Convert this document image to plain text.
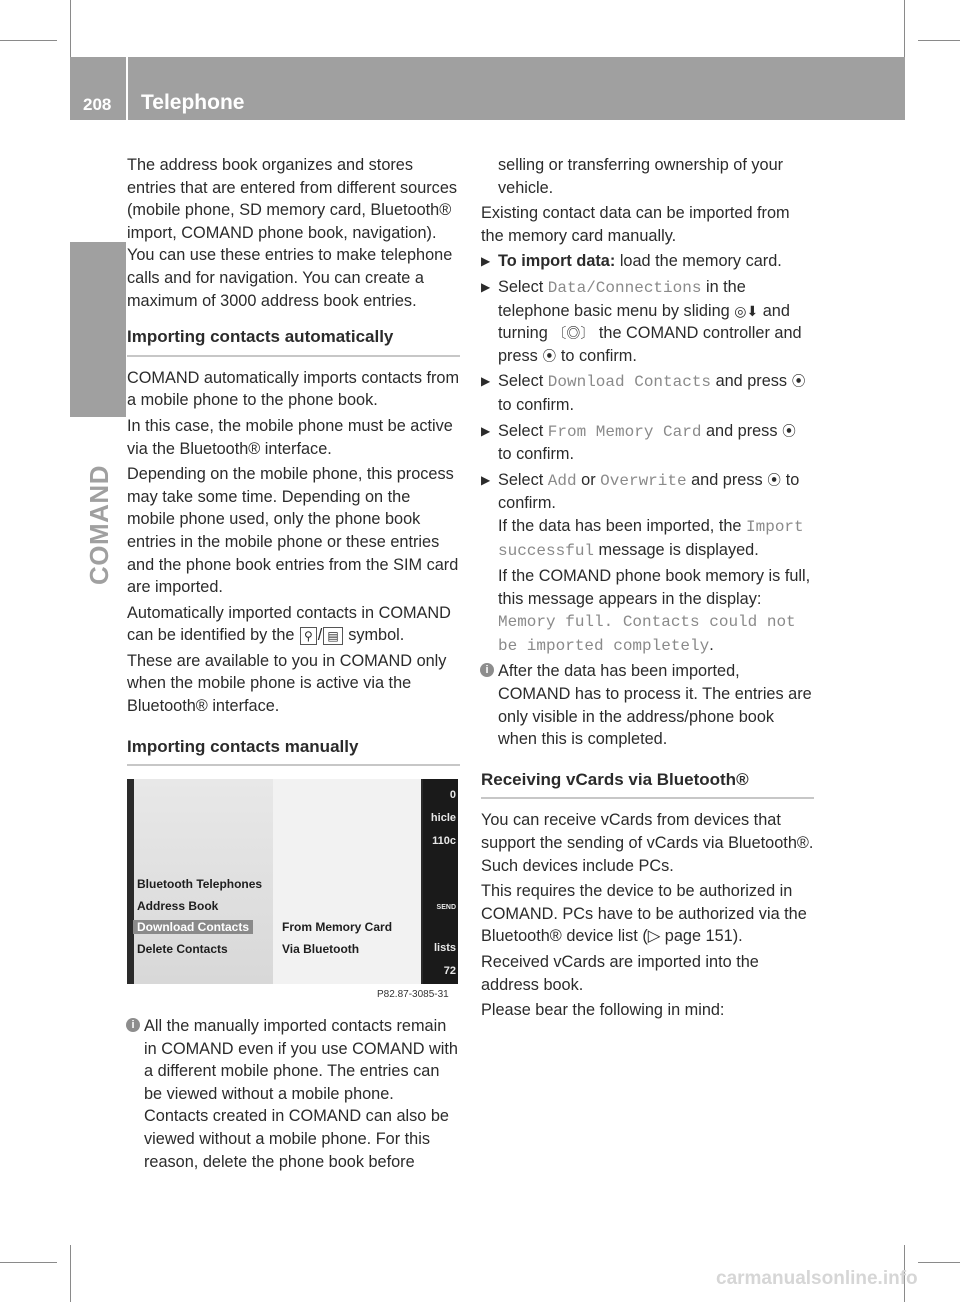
208 Telephone
COMAND

The address book organizes and stores entries that are entered from different sources (mobile phone, SD memory card, Bluetooth® import, COMAND phone book, navigation). You can use these entries to make telephone calls and for navigation. You can create a maximum of 3000 address book entries.

Importing contacts automatically

COMAND automatically imports contacts from a mobile phone to the phone book.

In this case, the mobile phone must be active via the Bluetooth® interface.

Depending on the mobile phone, this process may take some time. Depending on the mobile phone used, only the phone book entries in the mobile phone or these entries and the phone book entries from the SIM card are imported.

Automatically imported contacts in COMAND can be identified by the ⚲ / ▤ symbol.

These are available to you in COMAND only when the mobile phone is active via the Bluetooth® interface.

Importing contacts manually
Bluetooth Telephones
Address Book
Download Contacts
Delete Contacts
From Memory Card
Via Bluetooth
0
hicle
110c
SEND
lists
72
P82.87-3085-31

i All the manually imported contacts remain in COMAND even if you use COMAND with a different mobile phone. The entries can be viewed without a mobile phone. Contacts created in COMAND can also be viewed without a mobile phone. For this reason, delete the phone book before

selling or transferring ownership of your vehicle.

Existing contact data can be imported from the memory card manually.

▶ To import data: load the memory card.

▶ Select Data/Connections in the telephone basic menu by sliding ◎⬇ and turning 〔◎〕 the COMAND controller and press ⦿ to confirm.

▶ Select Download Contacts and press ⦿ to confirm.

▶ Select From Memory Card and press ⦿ to confirm.

▶ Select Add or Overwrite and press ⦿ to confirm.
If the data has been imported, the Import successful message is displayed.

If the COMAND phone book memory is full, this message appears in the display:
Memory full. Contacts could not be imported completely.

i After the data has been imported, COMAND has to process it. The entries are only visible in the address/phone book when this is completed.

Receiving vCards via Bluetooth®

You can receive vCards from devices that support the sending of vCards via Bluetooth®. Such devices include PCs.

This requires the device to be authorized in COMAND. PCs have to be authorized via the Bluetooth® device list (▷ page 151).

Received vCards are imported into the address book.

Please bear the following in mind:

carmanualsonline.info
